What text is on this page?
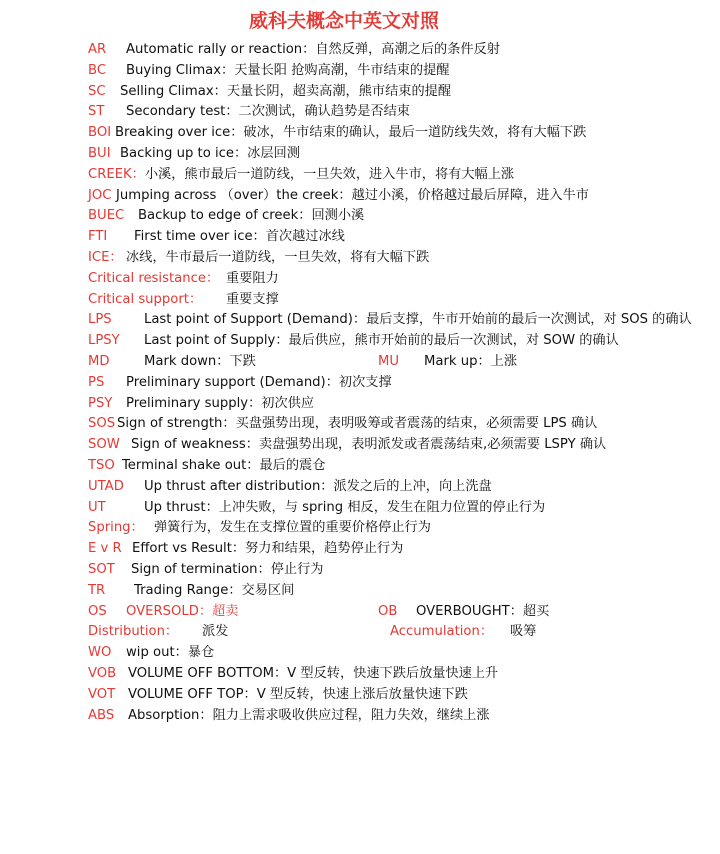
威科夫概念中英文对照
AR Automatic rally or reaction：自然反弹，高潮之后的条件反射
BC Buying Climax：天量长阳 抢购高潮，牛市结束的提醒
SC Selling Climax：天量长阴，超卖高潮，熊市结束的提醒
ST Secondary test：二次测试，确认趋势是否结束
BOI Breaking over ice：破冰，牛市结束的确认，最后一道防线失效，将有大幅下跌
BUI Backing up to ice：冰层回测
CREEK：小溪，熊市最后一道防线，一旦失效，进入牛市，将有大幅上涨
JOC Jumping across （over）the creek：越过小溪，价格越过最后屏障，进入牛市
BUEC Backup to edge of creek：回测小溪
FTI First time over ice：首次越过冰线
ICE： 冰线，牛市最后一道防线，一旦失效，将有大幅下跌
Critical resistance： 重要阻力
Critical support： 重要支撑
LPS Last point of Support (Demand)：最后支撑，牛市开始前的最后一次测试，对 SOS 的确认
LPSY Last point of Supply：最后供应，熊市开始前的最后一次测试，对 SOW 的确认
MD	Mark down：下跌	MU Mark up：上涨
PS Preliminary support (Demand)：初次支撑
PSY Preliminary supply：初次供应
SOS Sign of strength：买盘强势出现，表明吸筹或者震荡的结束，必须需要 LPS 确认
SOW Sign of weakness：卖盘强势出现，表明派发或者震荡结束,必须需要 LSPY 确认
TSO Terminal shake out：最后的震仓
UTAD Up thrust after distribution：派发之后的上冲，向上洗盘
UT	Up thrust：上冲失败，与 spring 相反，发生在阻力位置的停止行为
Spring： 弹簧行为，发生在支撑位置的重要价格停止行为
E v R Effort vs Result：努力和结果，趋势停止行为
SOT Sign of termination：停止行为
TR Trading Range：交易区间
OS OVERSOLD：超卖	OB OVERBOUGHT：超买
Distribution： 派发	Accumulation： 吸筹
WO wip out：暴仓
VOB VOLUME OFF BOTTOM：V 型反转，快速下跌后放量快速上升
VOT VOLUME OFF TOP：V 型反转，快速上涨后放量快速下跌
ABS Absorption：阻力上需求吸收供应过程，阻力失效，继续上涨
